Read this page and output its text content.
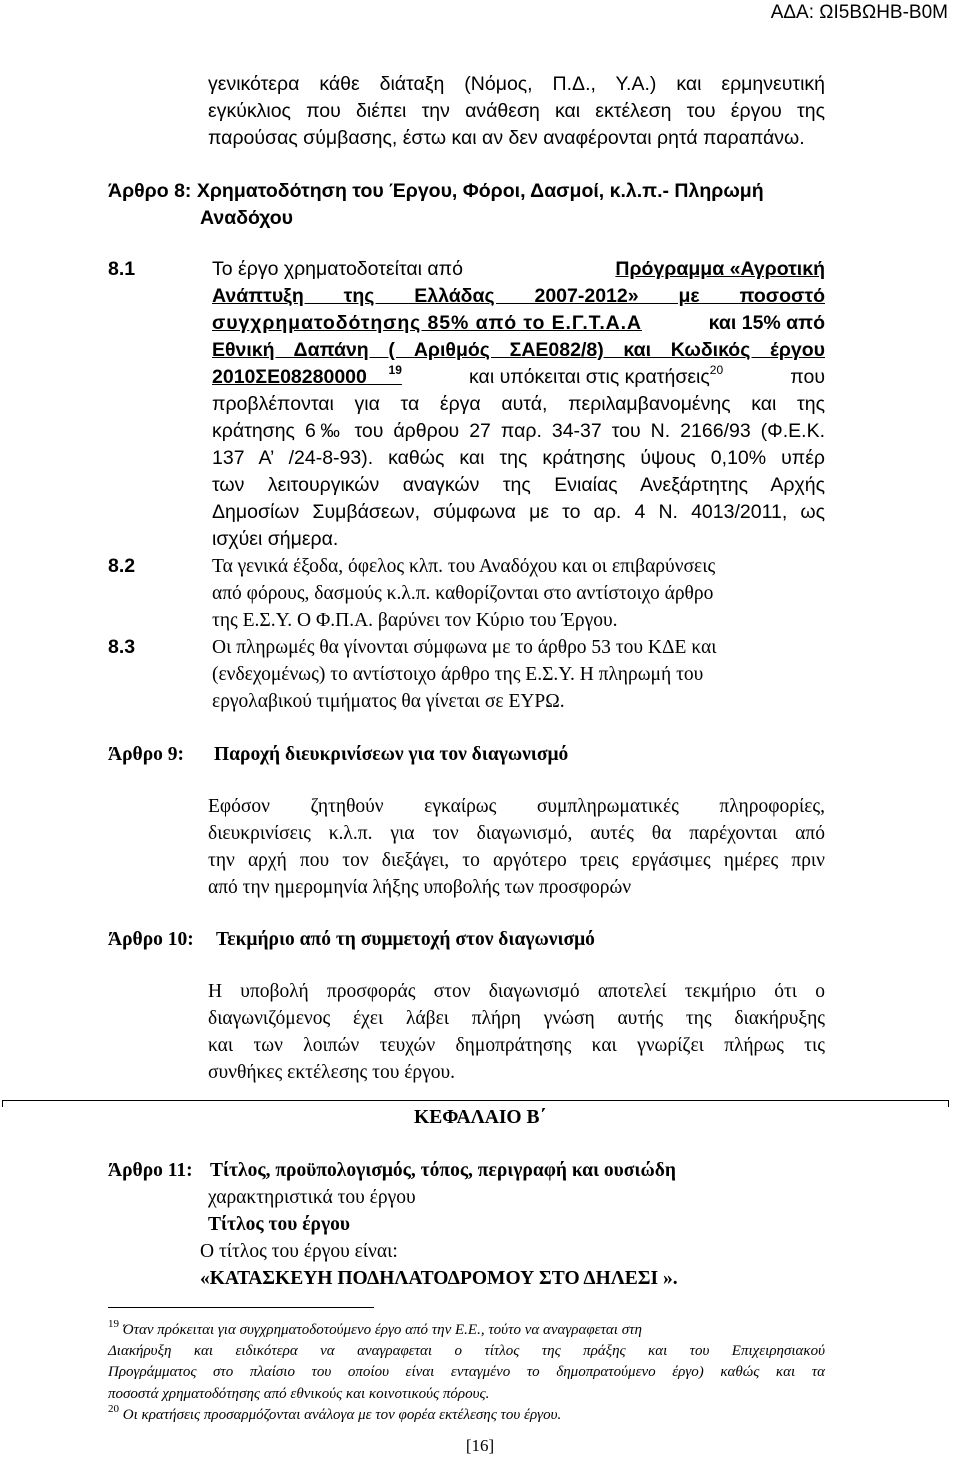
ΑΔΑ: ΩΙ5ΒΩΗΒ-Β0Μ
γενικότερα κάθε διάταξη (Νόμος, Π.Δ., Υ.Α.) και ερμηνευτική
εγκύκλιος που διέπει την ανάθεση και εκτέλεση του έργου της
παρούσας σύμβασης, έστω και αν δεν αναφέρονται ρητά παραπάνω.
Άρθρο 8: Χρηματοδότηση του Έργου, Φόροι, Δασμοί, κ.λ.π.- Πληρωμή
Αναδόχου
8.1	Το έργο χρηματοδοτείται από	Πρόγραμμα «Αγροτική
Ανάπτυξη της Ελλάδας 2007-2012» με ποσοστό
συγχρηματοδότησης 85% από το Ε.Γ.Τ.Α.Α	και 15% από
Εθνική Δαπάνη ( Αριθμός ΣΑΕ082/8) και Κωδικός έργου
2010ΣΕ08280000 $^{19}$	και υπόκειται στις κρατήσεις$^{20}$	που
προβλέπονται για τα έργα αυτά, περιλαμβανομένης και της
κράτησης 6‰ του άρθρου 27 παρ. 34-37 του Ν. 2166/93 (Φ.Ε.Κ.
137 Α’ /24-8-93). καθώς και της κράτησης ύψους 0,10% υπέρ
των λειτουργικών αναγκών της Ενιαίας Ανεξάρτητης Αρχής
Δημοσίων Συμβάσεων, σύμφωνα με το αρ. 4 Ν. 4013/2011, ως
ισχύει σήμερα.
8.2	Τα γενικά έξοδα, όφελος κλπ. του Αναδόχου και οι επιβαρύνσεις
από φόρους, δασμούς κ.λ.π. καθορίζονται στο αντίστοιχο άρθρο
της Ε.Σ.Υ. Ο Φ.Π.Α. βαρύνει τον Κύριο του Έργου.
8.3	Οι πληρωμές θα γίνονται σύμφωνα με το άρθρο 53 του ΚΔΕ και
(ενδεχομένως) το αντίστοιχο άρθρο της Ε.Σ.Υ. Η πληρωμή του
εργολαβικού τιμήματος θα γίνεται σε ΕΥΡΩ.
Άρθρο 9: Παροχή διευκρινίσεων για τον διαγωνισμό
Εφόσον ζητηθούν εγκαίρως συμπληρωματικές πληροφορίες,
διευκρινίσεις κ.λ.π. για τον διαγωνισμό, αυτές θα παρέχονται από
την αρχή που τον διεξάγει, το αργότερο τρεις εργάσιμες ημέρες πριν
από την ημερομηνία λήξης υποβολής των προσφορών
Άρθρο 10: Τεκμήριο από τη συμμετοχή στον διαγωνισμό
Η υποβολή προσφοράς στον διαγωνισμό αποτελεί τεκμήριο ότι ο
διαγωνιζόμενος έχει λάβει πλήρη γνώση αυτής της διακήρυξης
και των λοιπών τευχών δημοπράτησης και γνωρίζει πλήρως τις
συνθήκες εκτέλεσης του έργου.
ΚΕΦΑΛΑΙΟ Β΄
Άρθρο 11: Τίτλος, προϋπολογισμός, τόπος, περιγραφή και ουσιώδη
χαρακτηριστικά του έργου
Τίτλος του έργου
Ο τίτλος του έργου είναι:
«ΚΑΤΑΣΚΕΥΗ ΠΟΔΗΛΑΤΟΔΡΟΜΟΥ ΣΤΟ ΔΗΛΕΣΙ ».
$^{19}$ Όταν πρόκειται για συγχρηματοδοτούμενο έργο από την Ε.Ε., τούτο να αναγραφεται στη
Διακήρυξη και ειδικότερα να αναγραφεται ο τίτλος της πράξης και του Επιχειρησιακού
Προγράμματος στο πλαίσιο του οποίου είναι ενταγμένο το δημοπρατούμενο έργο) καθώς και τα
ποσοστά χρηματοδότησης από εθνικούς και κοινοτικούς πόρους.
$^{20}$ Οι κρατήσεις προσαρμόζονται ανάλογα με τον φορέα εκτέλεσης του έργου.
[16]
